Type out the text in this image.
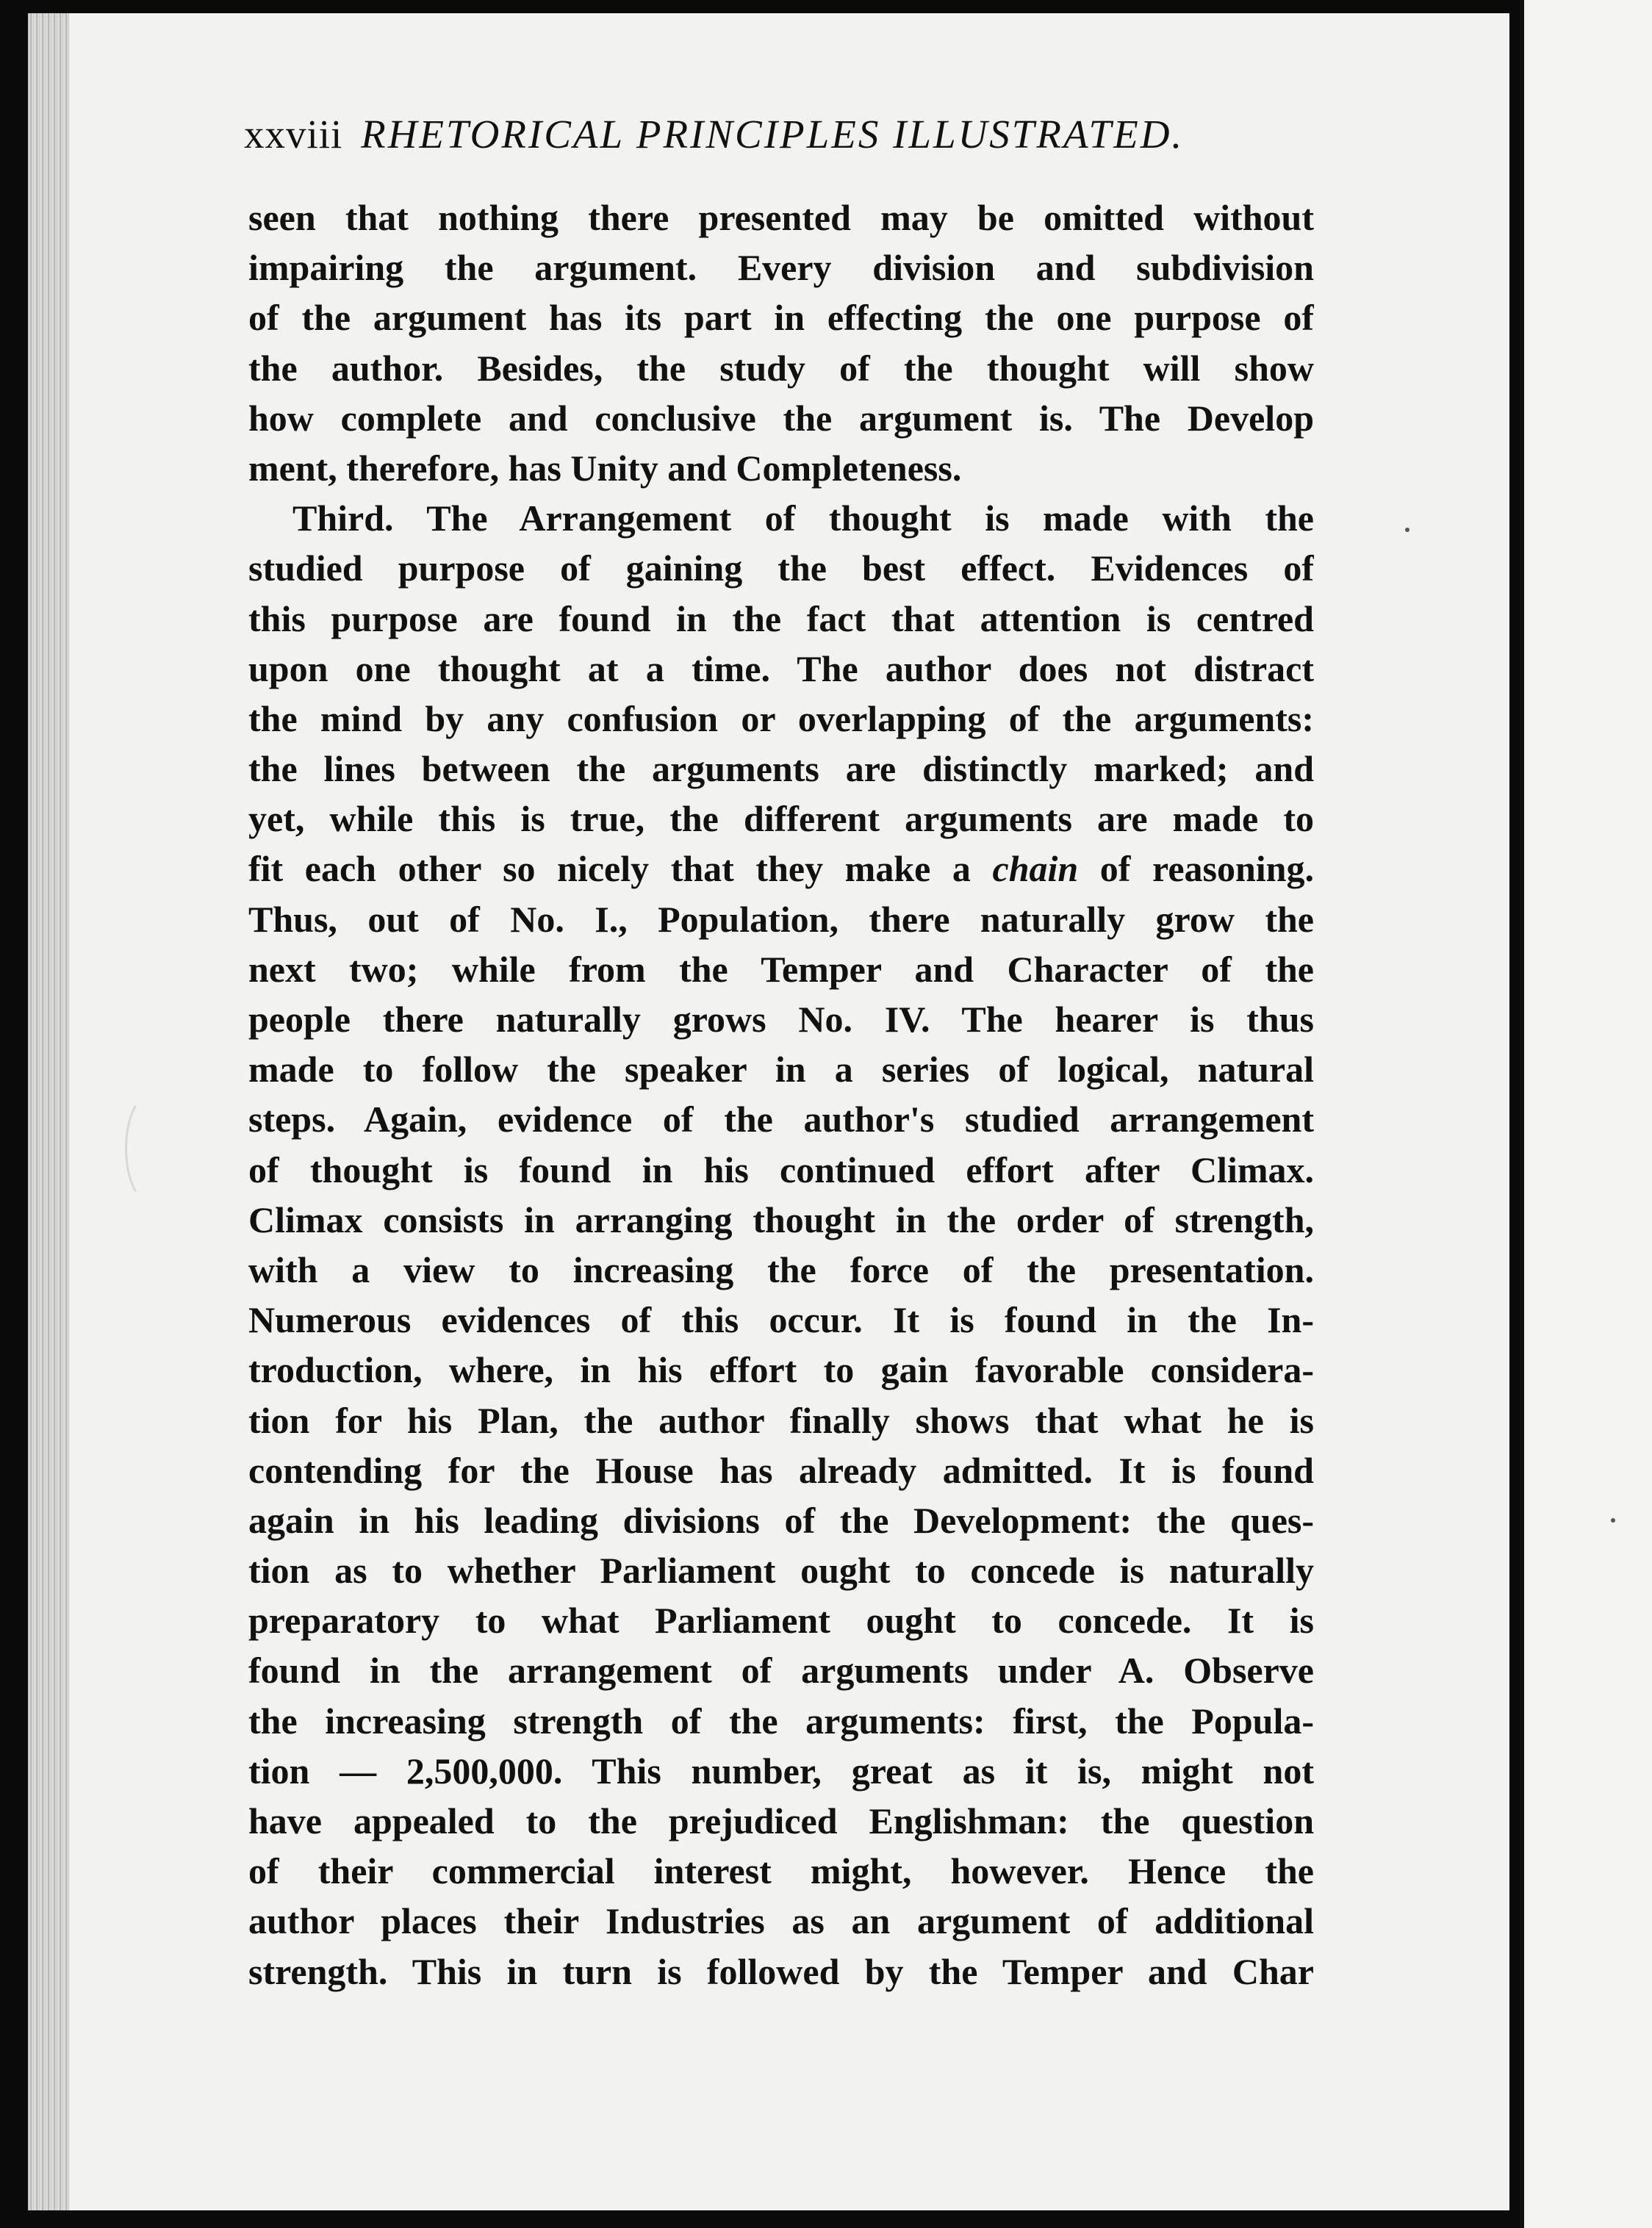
xxviii RHETORICAL PRINCIPLES ILLUSTRATED.
seen that nothing there presented may be omitted without
impairing the argument. Every division and subdivision
of the argument has its part in effecting the one purpose of
the author. Besides, the study of the thought will show
how complete and conclusive the argument is. The Develop
ment, therefore, has Unity and Completeness.
Third. The Arrangement of thought is made with the
studied purpose of gaining the best effect. Evidences of
this purpose are found in the fact that attention is centred
upon one thought at a time. The author does not distract
the mind by any confusion or overlapping of the arguments:
the lines between the arguments are distinctly marked; and
yet, while this is true, the different arguments are made to
fit each other so nicely that they make a chain of reasoning.
Thus, out of No. I., Population, there naturally grow the
next two; while from the Temper and Character of the
people there naturally grows No. IV. The hearer is thus
made to follow the speaker in a series of logical, natural
steps. Again, evidence of the author's studied arrangement
of thought is found in his continued effort after Climax.
Climax consists in arranging thought in the order of strength,
with a view to increasing the force of the presentation.
Numerous evidences of this occur. It is found in the In-
troduction, where, in his effort to gain favorable considera-
tion for his Plan, the author finally shows that what he is
contending for the House has already admitted. It is found
again in his leading divisions of the Development: the ques-
tion as to whether Parliament ought to concede is naturally
preparatory to what Parliament ought to concede. It is
found in the arrangement of arguments under A. Observe
the increasing strength of the arguments: first, the Popula-
tion — 2,500,000. This number, great as it is, might not
have appealed to the prejudiced Englishman: the question
of their commercial interest might, however. Hence the
author places their Industries as an argument of additional
strength. This in turn is followed by the Temper and Char
